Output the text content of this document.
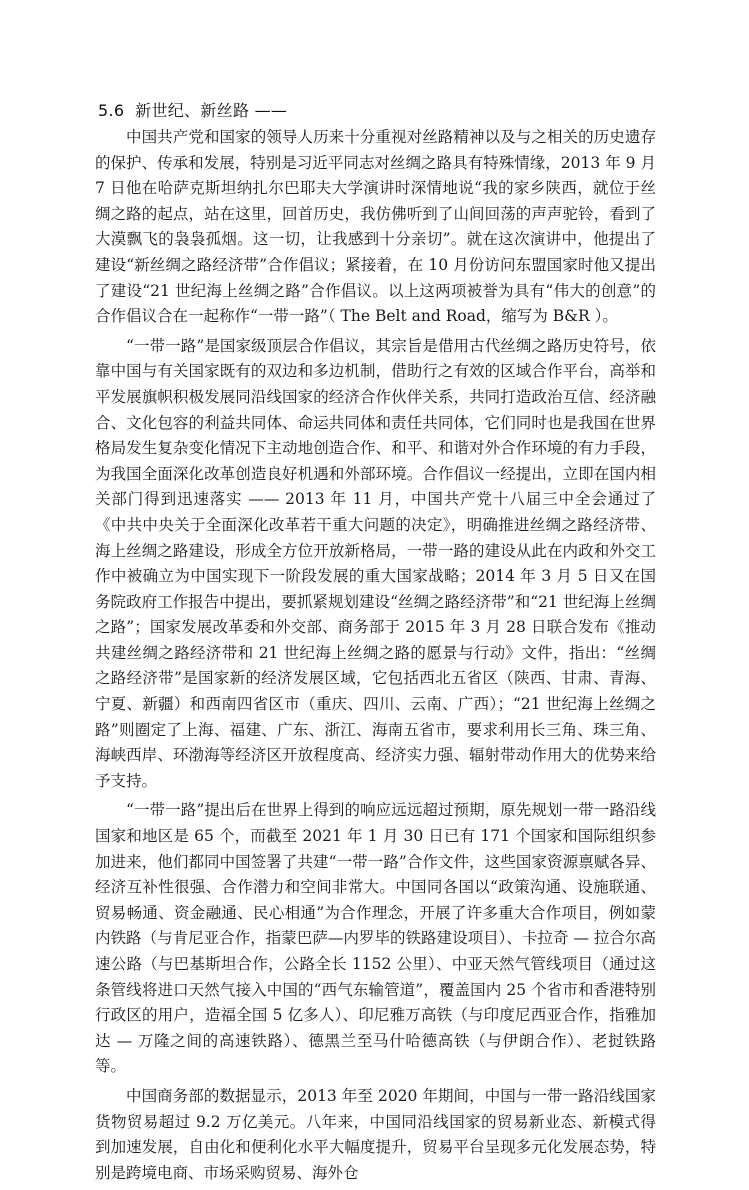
5.6 新世纪、新丝路 ——

中国共产党和国家的领导人历来十分重视对丝路精神以及与之相关的历史遗存的保护、传承和发展，特别是习近平同志对丝绸之路具有特殊情缘，2013 年 9 月 7 日他在哈萨克斯坦纳扎尔巴耶夫大学演讲时深情地说“我的家乡陕西，就位于丝绸之路的起点，站在这里，回首历史，我仿佛听到了山间回荡的声声驼铃，看到了大漠飘飞的袅袅孤烟。这一切，让我感到十分亲切”。就在这次演讲中，他提出了建设“新丝绸之路经济带”合作倡议；紧接着，在 10 月份访问东盟国家时他又提出了建设“21 世纪海上丝绸之路”合作倡议。以上这两项被誉为具有“伟大的创意”的合作倡议合在一起称作“一带一路”（ The Belt and Road，缩写为 B&R ）。

“一带一路”是国家级顶层合作倡议，其宗旨是借用古代丝绸之路历史符号，依靠中国与有关国家既有的双边和多边机制，借助行之有效的区域合作平台，高举和平发展旗帜积极发展同沿线国家的经济合作伙伴关系，共同打造政治互信、经济融合、文化包容的利益共同体、命运共同体和责任共同体，它们同时也是我国在世界格局发生复杂变化情况下主动地创造合作、和平、和谐对外合作环境的有力手段，为我国全面深化改革创造良好机遇和外部环境。合作倡议一经提出，立即在国内相关部门得到迅速落实 —— 2013 年 11 月，中国共产党十八届三中全会通过了《中共中央关于全面深化改革若干重大问题的决定》，明确推进丝绸之路经济带、海上丝绸之路建设，形成全方位开放新格局，一带一路的建设从此在内政和外交工作中被确立为中国实现下一阶段发展的重大国家战略；2014 年 3 月 5 日又在国务院政府工作报告中提出，要抓紧规划建设“丝绸之路经济带”和“21 世纪海上丝绸之路”；国家发展改革委和外交部、商务部于 2015 年 3 月 28 日联合发布《推动共建丝绸之路经济带和 21 世纪海上丝绸之路的愿景与行动》文件，指出：“丝绸之路经济带”是国家新的经济发展区域，它包括西北五省区（陕西、甘肃、青海、宁夏、新疆）和西南四省区市（重庆、四川、云南、广西）；“21 世纪海上丝绸之路”则圈定了上海、福建、广东、浙江、海南五省市，要求利用长三角、珠三角、海峡西岸、环渤海等经济区开放程度高、经济实力强、辐射带动作用大的优势来给予支持。

“一带一路”提出后在世界上得到的响应远远超过预期，原先规划一带一路沿线国家和地区是 65 个，而截至 2021 年 1 月 30 日已有 171 个国家和国际组织参加进来，他们都同中国签署了共建“一带一路”合作文件，这些国家资源禀赋各异、经济互补性很强、合作潜力和空间非常大。中国同各国以“政策沟通、设施联通、贸易畅通、资金融通、民心相通”为合作理念，开展了许多重大合作项目，例如蒙内铁路（与肯尼亚合作，指蒙巴萨—内罗毕的铁路建设项目）、卡拉奇 — 拉合尔高速公路（与巴基斯坦合作，公路全长 1152 公里）、中亚天然气管线项目（通过这条管线将进口天然气接入中国的“西气东输管道”，覆盖国内 25 个省市和香港特别行政区的用户，造福全国 5 亿多人）、印尼雅万高铁（与印度尼西亚合作，指雅加达 — 万隆之间的高速铁路）、德黑兰至马什哈德高铁（与伊朗合作）、老挝铁路等。

中国商务部的数据显示，2013 年至 2020 年期间，中国与一带一路沿线国家货物贸易超过 9.2 万亿美元。八年来，中国同沿线国家的贸易新业态、新模式得到加速发展，自由化和便利化水平大幅度提升，贸易平台呈现多元化发展态势，特别是跨境电商、市场采购贸易、海外仓
